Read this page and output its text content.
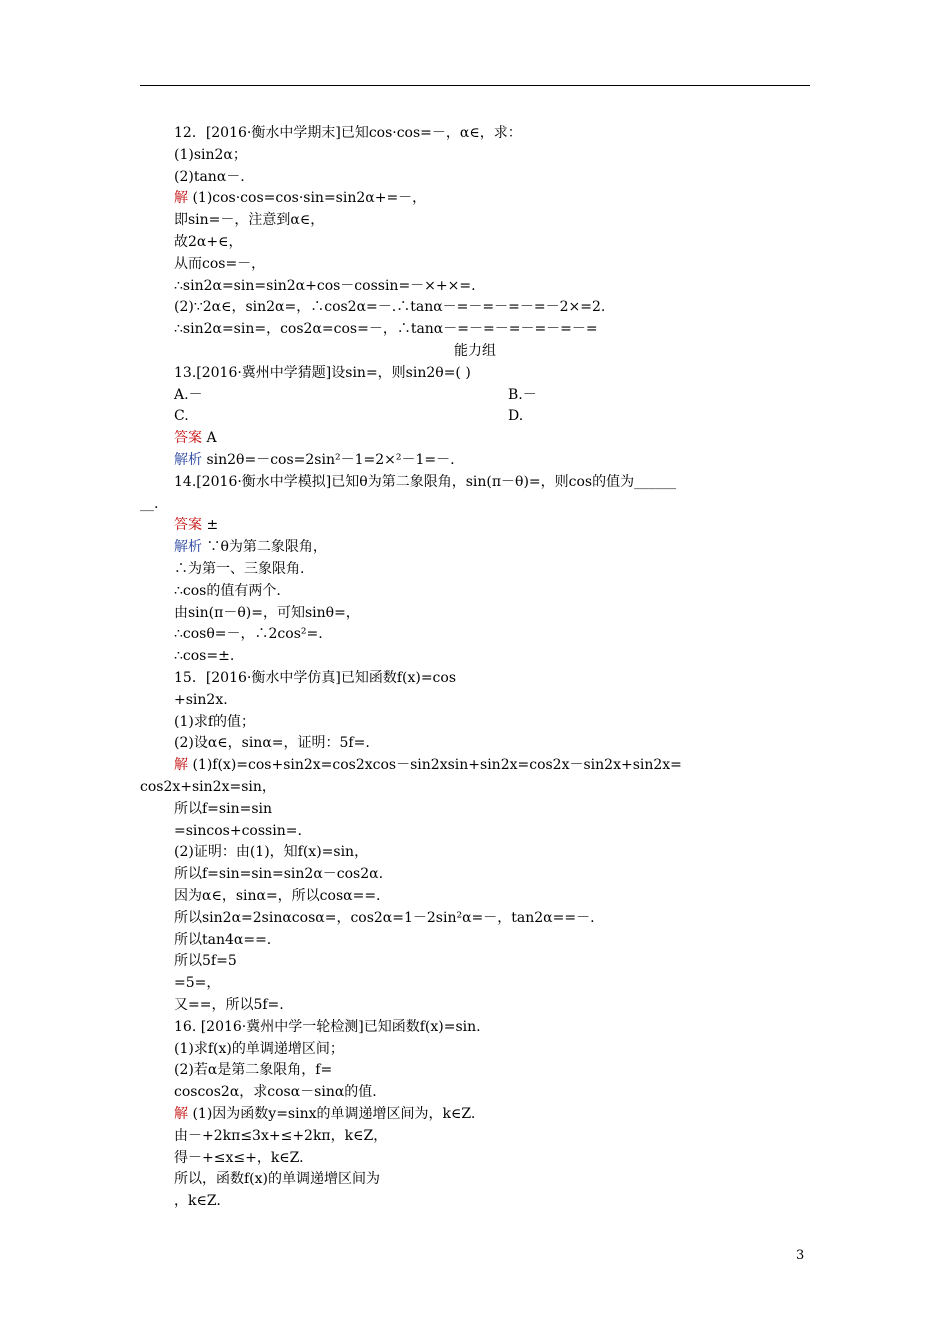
12．[2016·衡水中学期末]已知cos·cos=－，α∈，求：
(1)sin2α；
(2)tanα－.
解 (1)cos·cos=cos·sin=sin2α+=－，
即sin=－，注意到α∈，
故2α+∈，
从而cos=－，
∴sin2α=sin=sin2α+cos－cossin=－×+×=.
(2)∵2α∈，sin2α=，∴cos2α=－.∴tanα－=－=－=－=－2×=2.
∴sin2α=sin=，cos2α=cos=－，∴tanα－=－=－=－=－=－=
能力组
13.[2016·冀州中学猜题]设sin=，则sin2θ=( )
A.－	B.－
C.	D.
答案 A
解析 sin2θ=－cos=2sin²－1=2×²－1=－.
14.[2016·衡水中学模拟]已知θ为第二象限角，sin(π－θ)=，则cos的值为______
__.
答案 ±
解析 ∵θ为第二象限角，
∴为第一、三象限角.
∴cos的值有两个.
由sin(π－θ)=，可知sinθ=，
∴cosθ=－，∴2cos²=.
∴cos=±.
15．[2016·衡水中学仿真]已知函数f(x)=cos
+sin2x.
(1)求f的值；
(2)设α∈，sinα=，证明：5f=.
解 (1)f(x)=cos+sin2x=cos2xcos－sin2xsin+sin2x=cos2x－sin2x+sin2x=
cos2x+sin2x=sin，
所以f=sin=sin
=sincos+cossin=.
(2)证明：由(1)，知f(x)=sin，
所以f=sin=sin=sin2α－cos2α.
因为α∈，sinα=，所以cosα==.
所以sin2α=2sinαcosα=，cos2α=1－2sin²α=－，tan2α==－.
所以tan4α==.
所以5f=5
=5=，
又==，所以5f=.
16. [2016·冀州中学一轮检测]已知函数f(x)=sin.
(1)求f(x)的单调递增区间；
(2)若α是第二象限角，f=
coscos2α，求cosα－sinα的值.
解 (1)因为函数y=sinx的单调递增区间为，k∈Z.
由－+2kπ≤3x+≤+2kπ，k∈Z，
得－+≤x≤+，k∈Z.
所以，函数f(x)的单调递增区间为
，k∈Z.
3
